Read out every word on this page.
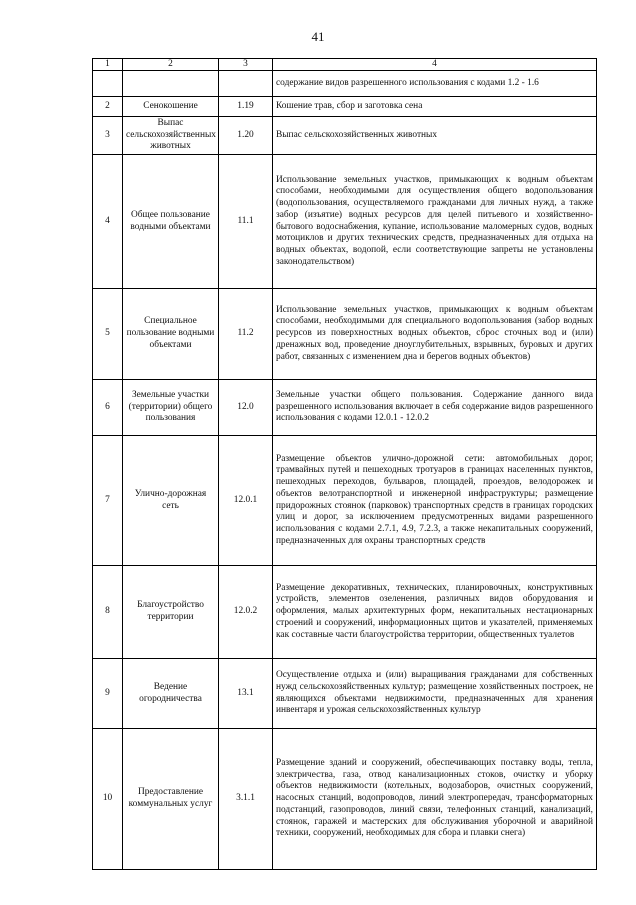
41
1	2	3	4
			содержание видов разрешенного использования с кодами 1.2 - 1.6
2	Сенокошение	1.19	Кошение трав, сбор и заготовка сена
3	Выпас сельскохозяйственных животных	1.20	Выпас сельскохозяйственных животных
4	Общее пользование водными объектами	11.1	Использование земельных участков, примыкающих к водным объектам способами, необходимыми для осуществления общего водопользования (водопользования, осуществляемого гражданами для личных нужд, а также забор (изъятие) водных ресурсов для целей питьевого и хозяйственно-бытового водоснабжения, купание, использование маломерных судов, водных мотоциклов и других технических средств, предназначенных для отдыха на водных объектах, водопой, если соответствующие запреты не установлены законодательством)
5	Специальное пользование водными объектами	11.2	Использование земельных участков, примыкающих к водным объектам способами, необходимыми для специального водопользования (забор водных ресурсов из поверхностных водных объектов, сброс сточных вод и (или) дренажных вод, проведение дноуглубительных, взрывных, буровых и других работ, связанных с изменением дна и берегов водных объектов)
6	Земельные участки (территории) общего пользования	12.0	Земельные участки общего пользования. Содержание данного вида разрешенного использования включает в себя содержание видов разрешенного использования с кодами 12.0.1 - 12.0.2
7	Улично-дорожная сеть	12.0.1	Размещение объектов улично-дорожной сети: автомобильных дорог, трамвайных путей и пешеходных тротуаров в границах населенных пунктов, пешеходных переходов, бульваров, площадей, проездов, велодорожек и объектов велотранспортной и инженерной инфраструктуры; размещение придорожных стоянок (парковок) транспортных средств в границах городских улиц и дорог, за исключением предусмотренных видами разрешенного использования с кодами 2.7.1, 4.9, 7.2.3, а также некапитальных сооружений, предназначенных для охраны транспортных средств
8	Благоустройство территории	12.0.2	Размещение декоративных, технических, планировочных, конструктивных устройств, элементов озеленения, различных видов оборудования и оформления, малых архитектурных форм, некапитальных нестационарных строений и сооружений, информационных щитов и указателей, применяемых как составные части благоустройства территории, общественных туалетов
9	Ведение огородничества	13.1	Осуществление отдыха и (или) выращивания гражданами для собственных нужд сельскохозяйственных культур; размещение хозяйственных построек, не являющихся объектами недвижимости, предназначенных для хранения инвентаря и урожая сельскохозяйственных культур
10	Предоставление коммунальных услуг	3.1.1	Размещение зданий и сооружений, обеспечивающих поставку воды, тепла, электричества, газа, отвод канализационных стоков, очистку и уборку объектов недвижимости (котельных, водозаборов, очистных сооружений, насосных станций, водопроводов, линий электропередач, трансформаторных подстанций, газопроводов, линий связи, телефонных станций, канализаций, стоянок, гаражей и мастерских для обслуживания уборочной и аварийной техники, сооружений, необходимых для сбора и плавки снега)
